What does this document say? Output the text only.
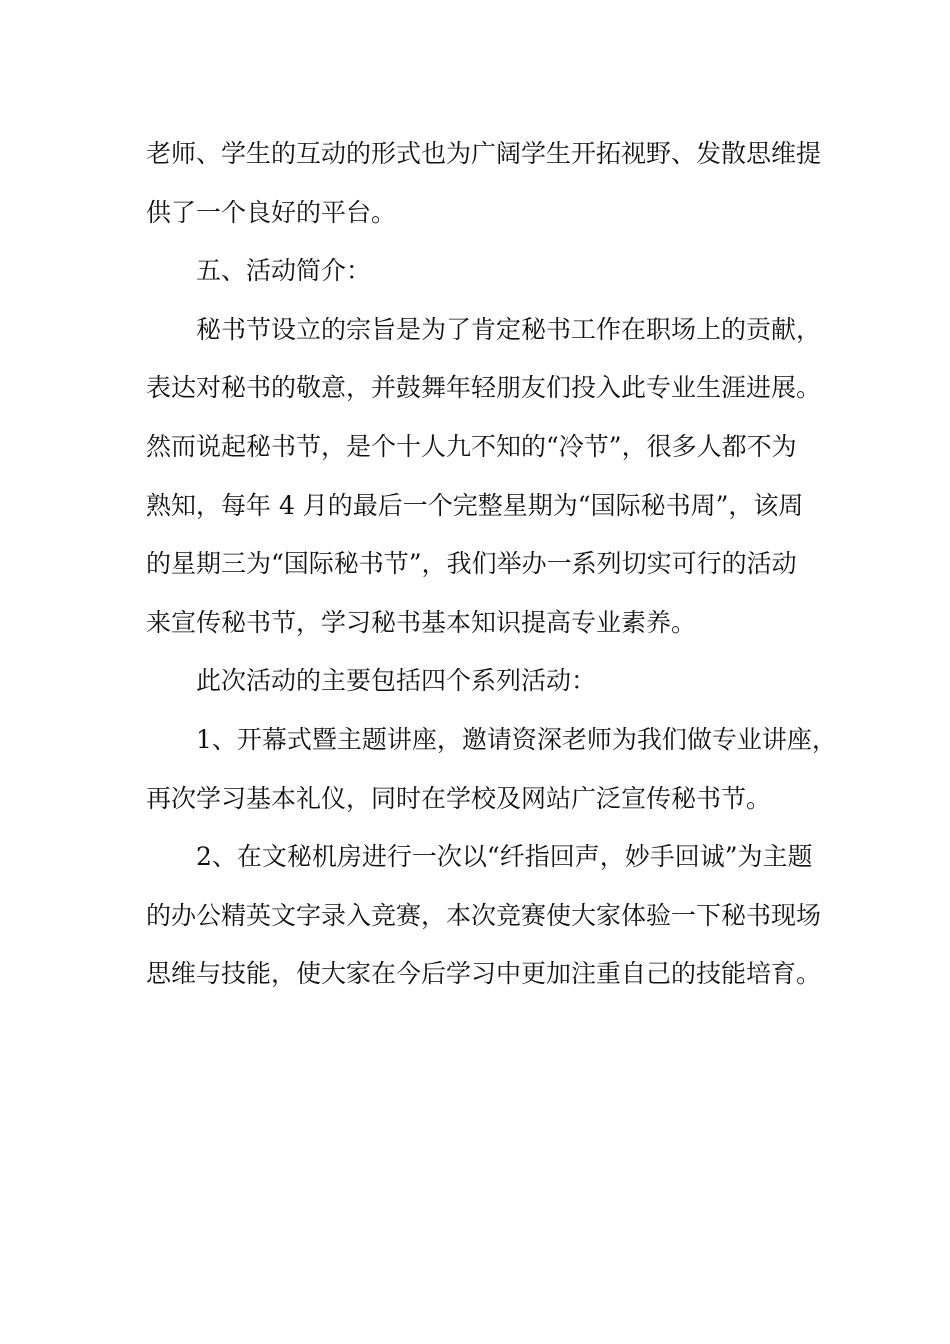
老师、学生的互动的形式也为广阔学生开拓视野、发散思维提

供了一个良好的平台。

五、活动简介：

秘书节设立的宗旨是为了肯定秘书工作在职场上的贡献，

表达对秘书的敬意，并鼓舞年轻朋友们投入此专业生涯进展。

然而说起秘书节，是个十人九不知的“冷节”，很多人都不为

熟知，每年 4 月的最后一个完整星期为“国际秘书周”，该周

的星期三为“国际秘书节”，我们举办一系列切实可行的活动

来宣传秘书节，学习秘书基本知识提高专业素养。

此次活动的主要包括四个系列活动：

1、开幕式暨主题讲座，邀请资深老师为我们做专业讲座，

再次学习基本礼仪，同时在学校及网站广泛宣传秘书节。

2、在文秘机房进行一次以“纤指回声，妙手回诚”为主题

的办公精英文字录入竞赛，本次竞赛使大家体验一下秘书现场

思维与技能，使大家在今后学习中更加注重自己的技能培育。
